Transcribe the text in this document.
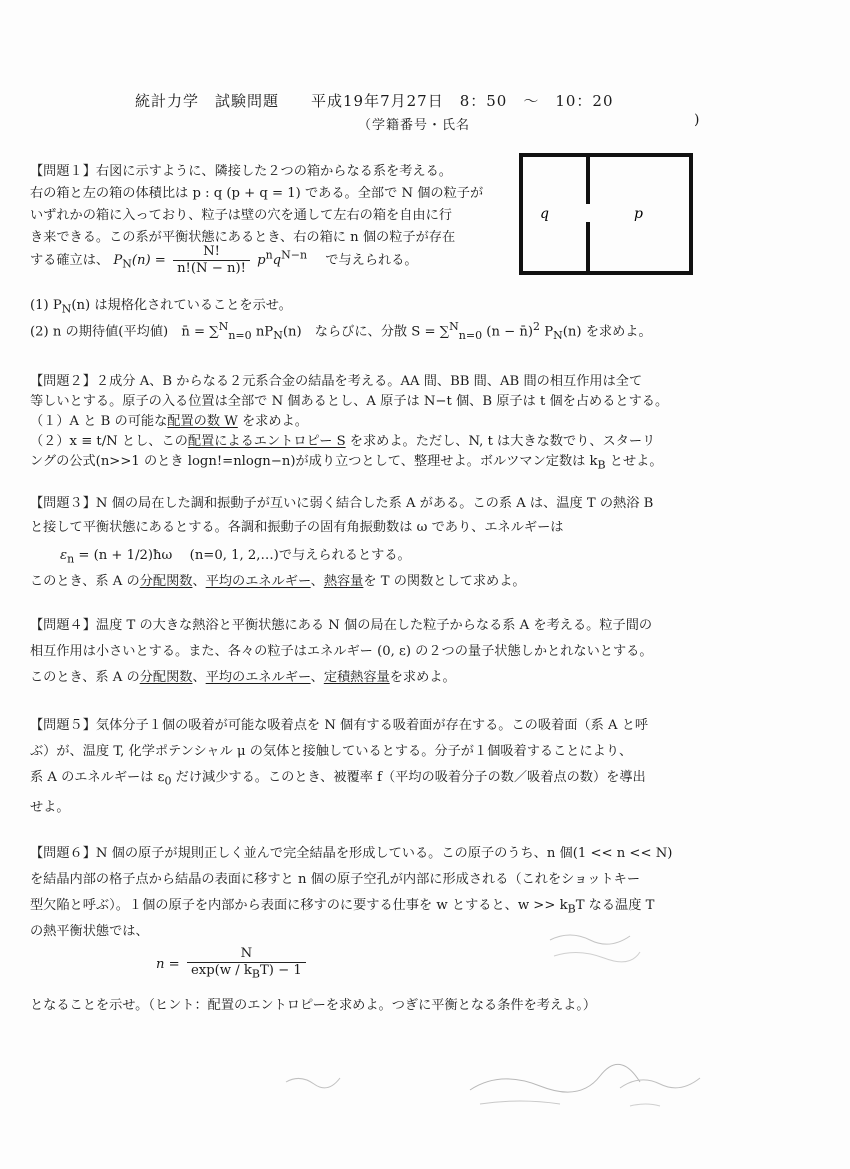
統計力学　試験問題　　平成19年7月27日　8：50　～　10：20
（学籍番号・氏名	)
q	p
【問題１】右図に示すように、隣接した２つの箱からなる系を考える。
右の箱と左の箱の体積比は p : q (p + q = 1) である。全部で N 個の粒子が
いずれかの箱に入っており、粒子は壁の穴を通して左右の箱を自由に行
き来できる。この系が平衡状態にあるとき、右の箱に n 個の粒子が存在
する確立は、 $P_N(n) = \frac{N!}{n!(N - n)!} p^nq^{N-n}$ で与えられる。
(1) $P_N(n)$ は規格化されていることを示せ。
(2) n の期待値(平均値)　n̄ = ∑$^N_{n=0}$ $nP_N(n)$　ならびに、分散 S = ∑$^N_{n=0}$ (n − n̄)$^2$ $P_N(n)$ を求めよ。
【問題２】２成分 A、B からなる２元系合金の結晶を考える。AA 間、BB 間、AB 間の相互作用は全て
等しいとする。原子の入る位置は全部で N 個あるとし、A 原子は N−t 個、B 原子は t 個を占めるとする。
（１）A と B の可能な配置の数 W を求めよ。
（２）x ≡ t/N とし、この配置によるエントロピー S を求めよ。ただし、N, t は大きな数でり、スターリ
ングの公式(n>>1 のとき logn!=nlogn−n)が成り立つとして、整理せよ。ボルツマン定数は $k_B$ とせよ。
【問題３】N 個の局在した調和振動子が互いに弱く結合した系 A がある。この系 A は、温度 T の熱浴 B
と接して平衡状態にあるとする。各調和振動子の固有角振動数は ω であり、エネルギーは
$\varepsilon_n = (n$ + 1/2)ħω　 (n=0, 1, 2,…)で与えられるとする。
このとき、系 A の分配関数、平均のエネルギー、熱容量を T の関数として求めよ。
【問題４】温度 T の大きな熱浴と平衡状態にある N 個の局在した粒子からなる系 A を考える。粒子間の
相互作用は小さいとする。また、各々の粒子はエネルギー (0, ε) の２つの量子状態しかとれないとする。
このとき、系 A の分配関数、平均のエネルギー、定積熱容量を求めよ。
【問題５】気体分子１個の吸着が可能な吸着点を N 個有する吸着面が存在する。この吸着面（系 A と呼
ぶ）が、温度 T, 化学ポテンシャル μ の気体と接触しているとする。分子が１個吸着することにより、
系 A のエネルギーは $\varepsilon_0$ だけ減少する。このとき、被覆率 f（平均の吸着分子の数／吸着点の数）を導出
せよ。
【問題６】N 個の原子が規則正しく並んで完全結晶を形成している。この原子のうち、n 個(1 << n << N)
を結晶内部の格子点から結晶の表面に移すと n 個の原子空孔が内部に形成される（これをショットキー
型欠陥と呼ぶ）。１個の原子を内部から表面に移すのに要する仕事を w とすると、$w >> k_BT$ なる温度 T
の熱平衡状態では、
$n = \frac{N}{\exp(w / k_BT) - 1}$
となることを示せ。（ヒント：配置のエントロピーを求めよ。つぎに平衡となる条件を考えよ。）
